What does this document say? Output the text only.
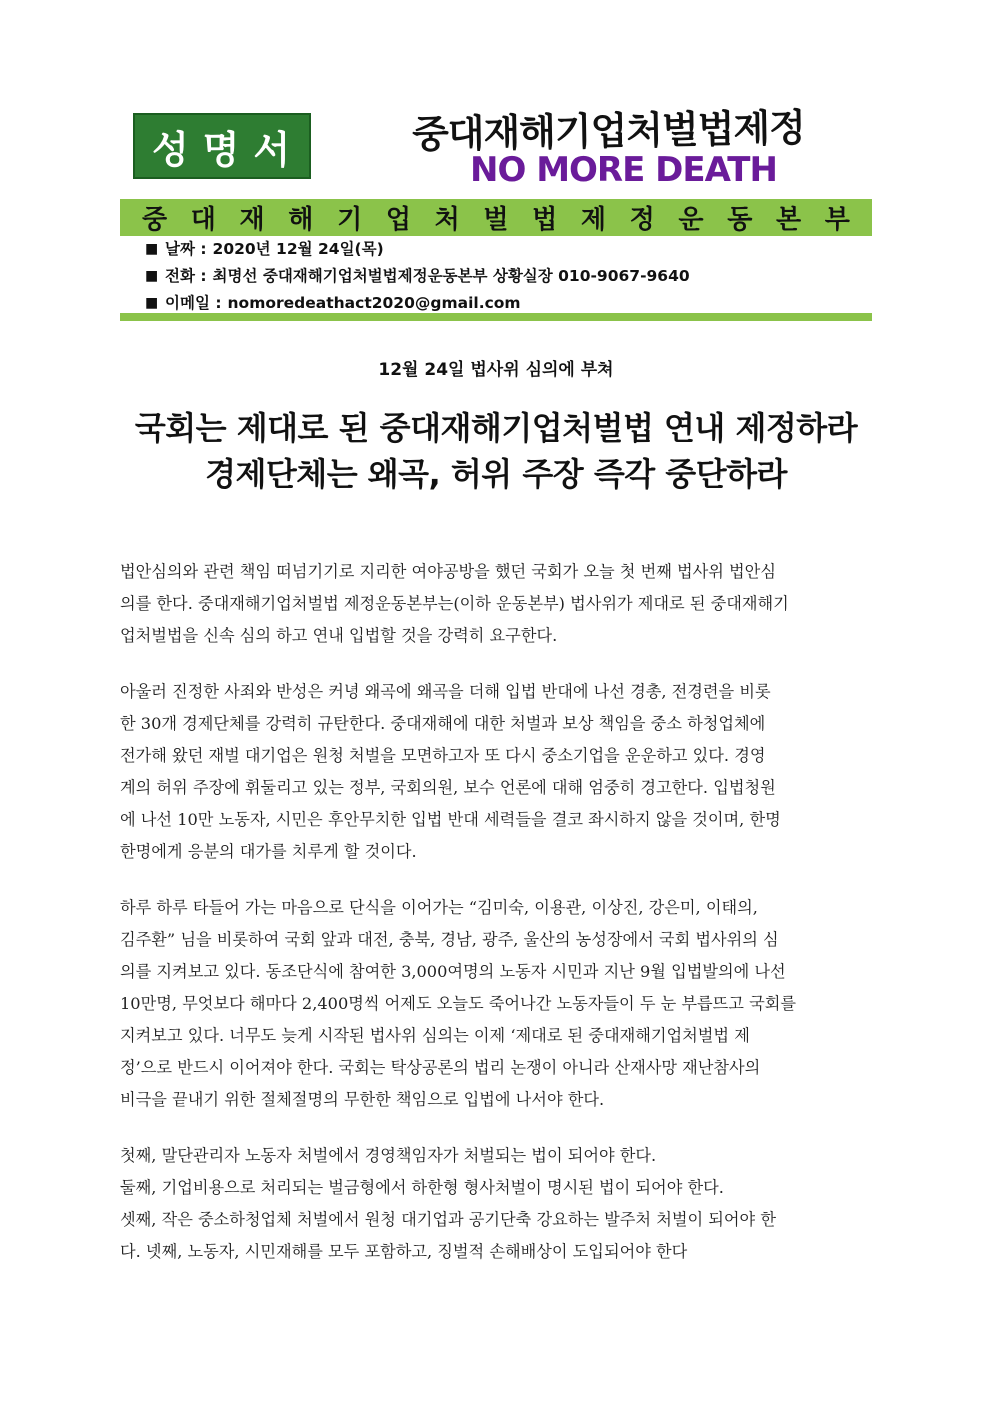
성명서	중대재해기업처벌법제정
NO MORE DEATH
중 대 재 해 기 업 처 벌 법 제 정 운 동 본 부
■ 날짜 : 2020년 12월 24일(목)
■ 전화 : 최명선 중대재해기업처벌법제정운동본부 상황실장 010-9067-9640
■ 이메일 : nomoredeathact2020@gmail.com
12월 24일 법사위 심의에 부쳐
국회는 제대로 된 중대재해기업처벌법 연내 제정하라
경제단체는 왜곡, 허위 주장 즉각 중단하라

법안심의와 관련 책임 떠넘기기로 지리한 여야공방을 했던 국회가 오늘 첫 번째 법사위 법안심
의를 한다. 중대재해기업처벌법 제정운동본부는(이하 운동본부) 법사위가 제대로 된 중대재해기
업처벌법을 신속 심의 하고 연내 입법할 것을 강력히 요구한다.

아울러 진정한 사죄와 반성은 커녕 왜곡에 왜곡을 더해 입법 반대에 나선 경총, 전경련을 비롯
한 30개 경제단체를 강력히 규탄한다. 중대재해에 대한 처벌과 보상 책임을 중소 하청업체에
전가해 왔던 재벌 대기업은 원청 처벌을 모면하고자 또 다시 중소기업을 운운하고 있다. 경영
계의 허위 주장에 휘둘리고 있는 정부, 국회의원, 보수 언론에 대해 엄중히 경고한다. 입법청원
에 나선 10만 노동자, 시민은 후안무치한 입법 반대 세력들을 결코 좌시하지 않을 것이며, 한명
한명에게 응분의 대가를 치루게 할 것이다.

하루 하루 타들어 가는 마음으로 단식을 이어가는 “김미숙, 이용관, 이상진, 강은미, 이태의,
김주환” 님을 비롯하여 국회 앞과 대전, 충북, 경남, 광주, 울산의 농성장에서 국회 법사위의 심
의를 지켜보고 있다. 동조단식에 참여한 3,000여명의 노동자 시민과 지난 9월 입법발의에 나선
10만명, 무엇보다 해마다 2,400명씩 어제도 오늘도 죽어나간 노동자들이 두 눈 부릅뜨고 국회를
지켜보고 있다. 너무도 늦게 시작된 법사위 심의는 이제 ‘제대로 된 중대재해기업처벌법 제
정’으로 반드시 이어져야 한다. 국회는 탁상공론의 법리 논쟁이 아니라 산재사망 재난참사의
비극을 끝내기 위한 절체절명의 무한한 책임으로 입법에 나서야 한다.

첫째, 말단관리자 노동자 처벌에서 경영책임자가 처벌되는 법이 되어야 한다.
둘째, 기업비용으로 처리되는 벌금형에서 하한형 형사처벌이 명시된 법이 되어야 한다.
셋째, 작은 중소하청업체 처벌에서 원청 대기업과 공기단축 강요하는 발주처 처벌이 되어야 한
다. 넷째, 노동자, 시민재해를 모두 포함하고, 징벌적 손해배상이 도입되어야 한다
